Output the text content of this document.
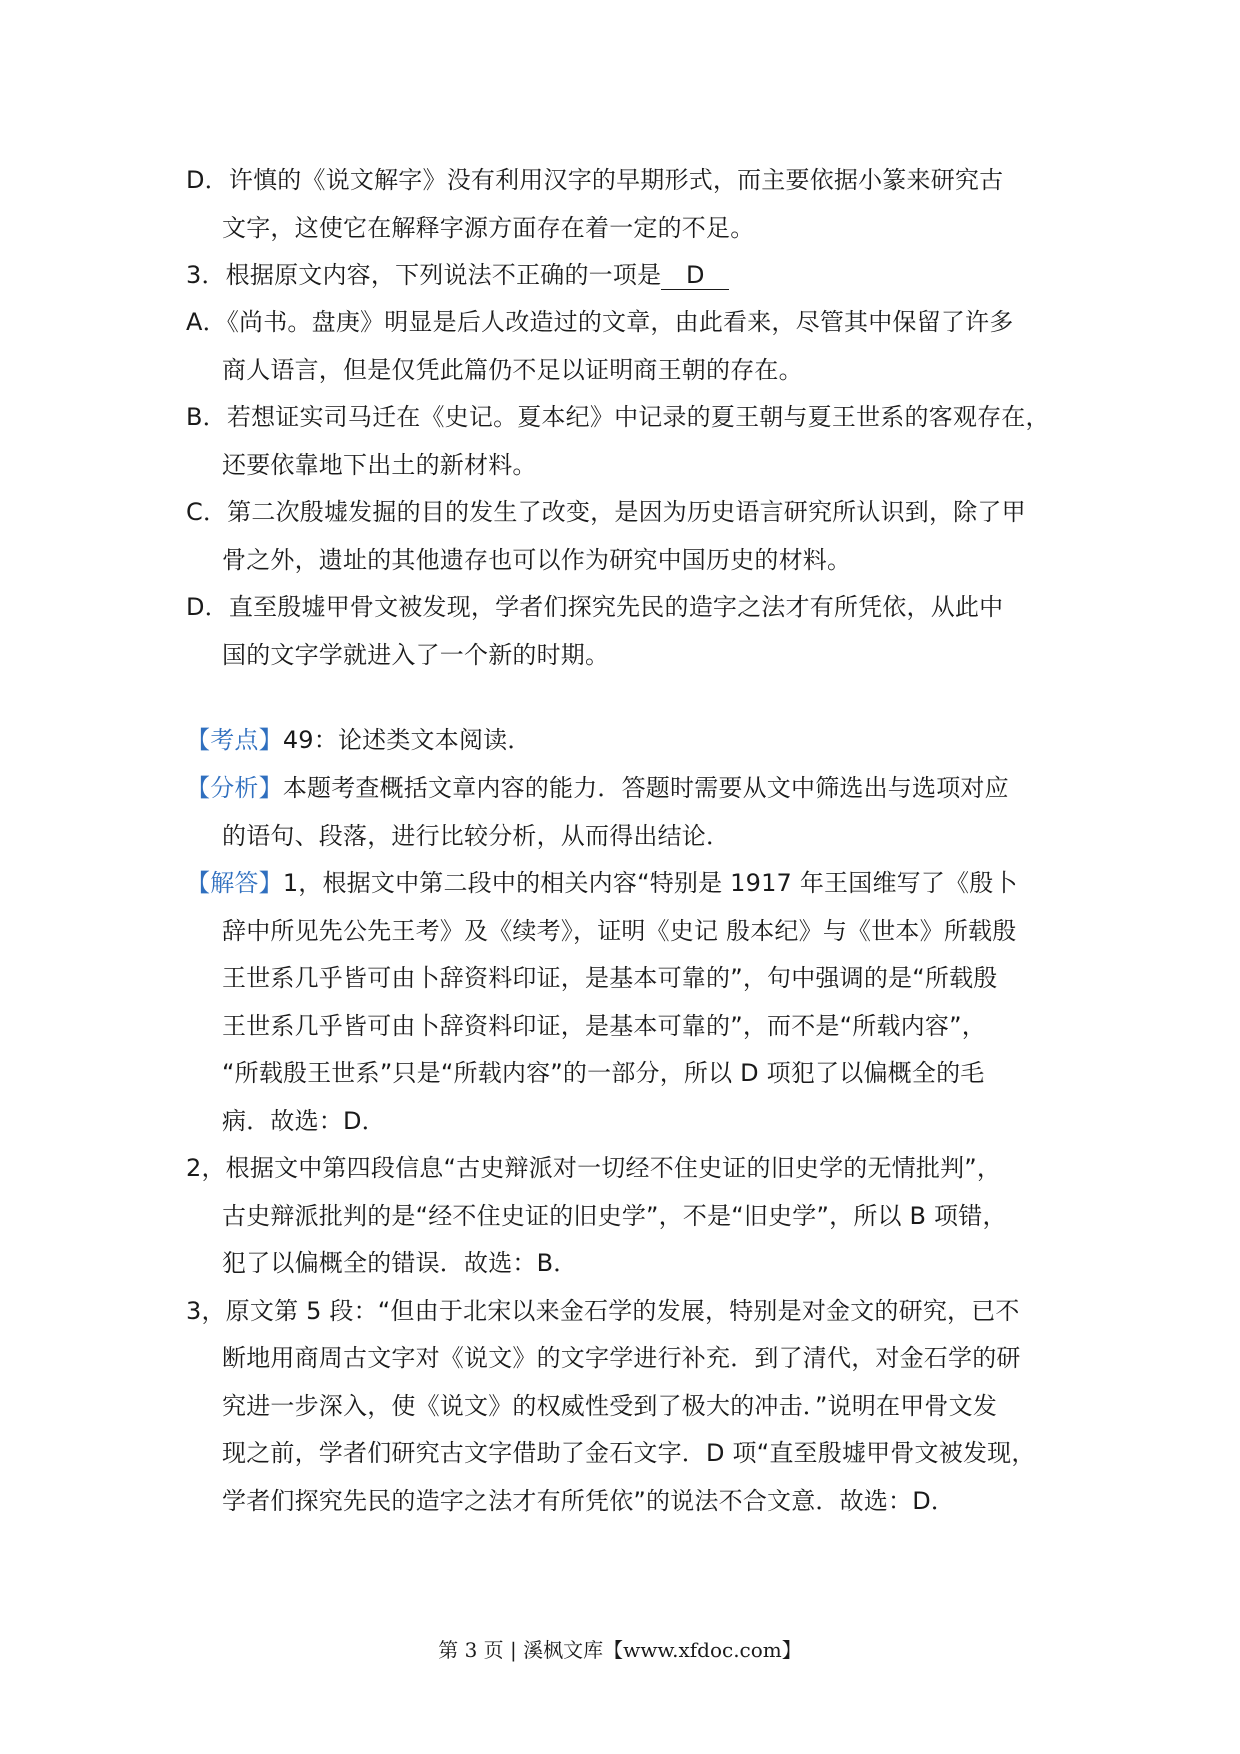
D．许慎的《说文解字》没有利用汉字的早期形式，而主要依据小篆来研究古
文字，这使它在解释字源方面存在着一定的不足。
3．根据原文内容，下列说法不正确的一项是 D
A．《尚书。盘庚》明显是后人改造过的文章，由此看来，尽管其中保留了许多
商人语言，但是仅凭此篇仍不足以证明商王朝的存在。
B．若想证实司马迁在《史记。夏本纪》中记录的夏王朝与夏王世系的客观存在，
还要依靠地下出土的新材料。
C．第二次殷墟发掘的目的发生了改变，是因为历史语言研究所认识到，除了甲
骨之外，遗址的其他遗存也可以作为研究中国历史的材料。
D．直至殷墟甲骨文被发现，学者们探究先民的造字之法才有所凭依，从此中
国的文字学就进入了一个新的时期。
【考点】49：论述类文本阅读．
【分析】本题考查概括文章内容的能力．答题时需要从文中筛选出与选项对应
的语句、段落，进行比较分析，从而得出结论．
【解答】1，根据文中第二段中的相关内容“特别是 1917 年王国维写了《殷卜
辞中所见先公先王考》及《续考》，证明《史记 殷本纪》与《世本》所载殷
王世系几乎皆可由卜辞资料印证，是基本可靠的”，句中强调的是“所载殷
王世系几乎皆可由卜辞资料印证，是基本可靠的”，而不是“所载内容”，
“所载殷王世系”只是“所载内容”的一部分，所以 D 项犯了以偏概全的毛
病．故选：D．
2，根据文中第四段信息“古史辩派对一切经不住史证的旧史学的无情批判”，
古史辩派批判的是“经不住史证的旧史学”，不是“旧史学”，所以 B 项错，
犯了以偏概全的错误．故选：B．
3，原文第 5 段：“但由于北宋以来金石学的发展，特别是对金文的研究，已不
断地用商周古文字对《说文》的文字学进行补充．到了清代，对金石学的研
究进一步深入，使《说文》的权威性受到了极大的冲击．”说明在甲骨文发
现之前，学者们研究古文字借助了金石文字．D 项“直至殷墟甲骨文被发现，
学者们探究先民的造字之法才有所凭依”的说法不合文意．故选：D．
第 3 页 | 溪枫文库【www.xfdoc.com】
